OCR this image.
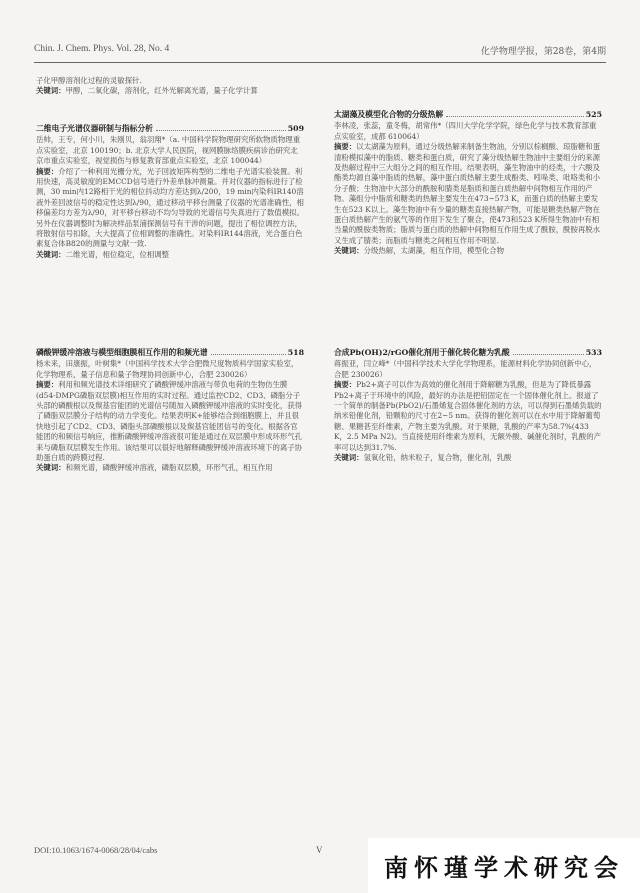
Chin. J. Chem. Phys. Vol. 28, No. 4	化学物理学报，第28卷，第4期

子化甲醇溶剂化过程的灵敏探针.

关键词：甲醇，二氧化碳，溶剂化，红外光解离光谱，量子化学计算

二维电子光谱仪器研制与指标分析	509

岳帅，王专，何小川，朱刚贝，翁羽翔*（a. 中国科学院物理研究所软物质物理重点实验室，北京 100190；b. 北京大学人民医院，视网膜脉络膜疾病诊治研究北京市重点实验室，视觉损伤与修复教育部重点实验室，北京 100044）

摘要：介绍了一种利用光栅分光，光子回波矩阵构型的二维电子光谱实验装置。利用快速，高灵敏度的EMCCD信号进行外差单脉冲测量。并对仪器的指标进行了检测，30 min内12路相干光的相位抖动均方差达到λ/200，19 min内染料IR140溶液外差回波信号的稳定性达到λ/90，通过移动平移台测量了仪器的光谱准确性，相移偏差均方差为λ/90，对平移台移动不均匀导致的光谱信号失真进行了数值模拟。另外在仪器调整时为解决样品泵浦探测信号有干涉的问题，提出了相位调控方法，将散射信号扣除，大大提高了位相调整的准确性。对染料IR144溶液，光合蛋白色素复合体B820的测量与文献一致.

关键词：二维光谱，相位稳定，位相调整

磷酸钾缓冲溶液与模型细胞膜相互作用的和频光谱	518

杨未来，田康振，叶树集*（中国科学技术大学合肥微尺度物质科学国家实验室，化学物理系，量子信息和量子物理协同创新中心，合肥 230026）

摘要：利用和频光谱技术详细研究了磷酸钾缓冲溶液与带负电荷的生物仿生膜(d54-DMPG磷脂双层膜)相互作用的实时过程。通过监控CD2、CD3、磷脂分子头部的磷酸根以及羰基官能团的光谱信号随加入磷酸钾缓冲溶液的实时变化，获得了磷脂双层膜分子结构的动力学变化。结果表明K+能够结合到细胞膜上，并且很快地引起了CD2、CD3、磷脂头部磷酸根以及羰基官能团信号的变化。根据各官能团的和频信号响应，推断磷酸钾缓冲溶液很可能是通过在双层膜中形成环形气孔来与磷脂双层膜发生作用。该结果可以很好地解释磷酸钾缓冲溶液环境下的离子协助蛋白质的跨膜过程.

关键词：和频光谱，磷酸钾缓冲溶液，磷脂双层膜，环形气孔，相互作用

太湖藻及模型化合物的分级热解	525

李林凌，张蕊，童冬梅，胡常伟*（四川大学化学学院，绿色化学与技术教育部重点实验室，成都 610064）

摘要：以太湖藻为原料，通过分级热解来制备生物油，分别以棕榈酸、琼脂糖和蛋清粉模拟藻中的脂质、糖类和蛋白质，研究了藻分级热解生物油中主要组分的来源及热解过程中三大组分之间的相互作用。结果表明，藻生物油中的烃类，十六酸及酯类均源自藻中脂质的热解，藻中蛋白质热解主要生成酚类、吲哚类、吡咯类和小分子酸；生物油中大部分的酰胺和腈类是脂质和蛋白质热解中间物相互作用的产物。藻组分中脂质和糖类的热解主要发生在473~573 K，而蛋白质的热解主要发生在523 K以上。藻生物油中有少量的糖类直接热解产物，可能是糖类热解产物在蛋白质热解产生的氨气等的作用下发生了聚合，使473和523 K所得生物油中有相当量的酰胺类物质；脂质与蛋白质的热解中间物相互作用生成了酰胺，酰胺再脱水又生成了腈类；而脂质与糖类之间相互作用不明显.

关键词：分级热解，太湖藻，相互作用，模型化合物

合成Pb(OH)2/rGO催化剂用于催化转化糖为乳酸	533

蒋振亚，闫立峰*（中国科学技术大学化学物理系，能源材料化学协同创新中心，合肥 230026）

摘要：Pb2+离子可以作为高效的催化剂用于降解糖为乳酸，但是为了降低暴露Pb2+离子于环境中的风险，最好的办法是把铅固定在一个固体催化剂上。报道了一个简单的制备Pb(PbO2)/石墨烯复合固体催化剂的方法，可以得到石墨烯负载的纳米铅催化剂，铅颗粒的尺寸在2~5 nm。获得的催化剂可以在水中用于降解葡萄糖、果糖甚至纤维素，产物主要为乳酸。对于果糖，乳酸的产率为58.7%(433 K，2.5 MPa N2)。当直接使用纤维素为原料，无额外酸、碱催化剂时，乳酸的产率可以达到31.7%.

关键词：氢氧化铅，纳米粒子，复合物，催化剂，乳酸

DOI:10.1063/1674-0068/28/04/cabs	V
南怀瑾学术研究会
